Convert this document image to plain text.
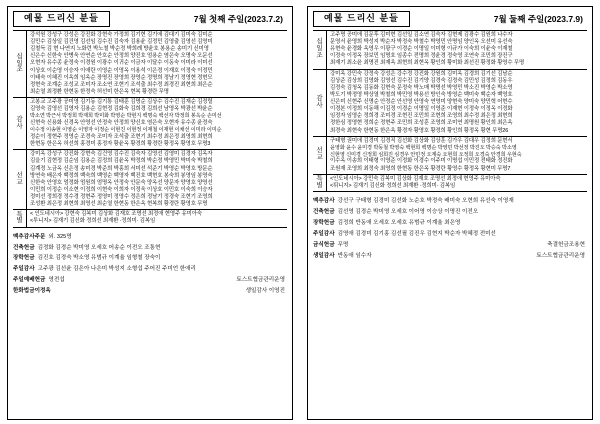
예물 드리신 분들	7월 첫째 주일(2023.7.2)
십
일
조
강석원 강성구 강성은 강진화 강현숙 가정희 김기현 김기애 김대기 김미숙 김미순
김민수 김상일 김건영 김선임 김수진 김숙자 김용윤 김정민 김영출 김영선 김영미
김철득 김 현 나연지 노화련 박노철 박순정 박희례 방윤호 봉용순 송미기 신미영
신은수 신한숙 안병욱 안연순 안호순 안정희 양진호 엄용순 염은숙 오명숙 오문선
오현자 유수종 윤정숙 이경원 이광수 이귀순 이금자 이달수 이동숙 이미라 이미선
이상호 이순영 이승자 이애란 이영순 이영옥 이용석 이은정 이재호 이정숙 이정민
이태숙 이혜진 이옥희 임옥순 장명진 장영희 장영순 정명희 정남기 정영현 정현모
정현숙 조계순 조성교 조미자 조소연 조현기 조석출 최수정 최경진 최현희 최은순
최순열 최정환 한현동 한정숙 허선미 한은옥 현복 황경란 무명
감
사
고봉교 고주광 공미영 김기동 김기통 김태훈 김명순 김상수 김수진 김재순 김정렬
김영숙 김영선 김영자 김용순 김현정 김화숙 김희경 김희선 남영옥 박광선 박윤순
박소연 박근서 박정희 박재희 박미화 박영순 박현지 백명숙 백선자 박정희 봉옥순 손미선
신현숙 신용화 신경옥 안영선 안정숙 안정희 양신호 염은숙 오현자 유수종 윤정숙
이수정 이송현 이영순 이영자 이정순 이현진 이현정 이재철 이재현 이채선 이미라 이미순
정순이 정현주 정영순 조경숙 조미자 조석출 조현기 최수정 최은정 최영희 최현희
한현동 한은옥 허선희 홍경미 홍정자 황윤옥 황경희 황경란 황정옥 황영호 무명3
선
교
강미옥 강성구 강진화 강현숙 김건영 김수진 김숙자 김영선 김영미 김경자 김옥자
김을기 김현정 김순임 김용순 김정희 김윤옥 박정희 박순정 박영민 박미숙 박철희
김계정 노금옥 신은정 송미경 박준희 박홍희 서미선 석준기 박영순 박영호 방문순
방연숙 배은자 백정희 백숙희 백영순 백영자 백진호 백현호 봉숙희 봉영임 봉영숙
신한숙 안영호 엄정화 엄원희 엄명옥 안정숙 안문숙 양옥선 양문자 양영호 양영선
이민희 이정순 이소현 이정희 이현숙 이희자 이정욱 이상호 이민호 이숙희 이승자
정미선 정희경 정수경 정현주 정영미 정영수 정은희 정남기 정경숙 조현기 조영희
조성환 최은정 최현희 최영선 최순열 한현동 한은옥 현복희 황경란 황영호 무명
특
별
< 인도네시아> 강현숙 김복미 김상화 김재호 조명선 최정애 현영주 유미아숙
<투니지> 김재기 김신화 정희선 최재환 ·정희미· 김복임
맥추감사주문 외. 325명
건축헌금 김정화 김경순 박미영 오세호 어송순 이전오 조통현
장학헌금 김진호 김경숙 박소영 유범규 이계율 임형철 장숙이
주일감사 고주광 김선윤 김은아 나은미 박성지 소형섭 주어진 주미언 한애리
주일예배헌금 영전섭	토스트협금관리운영
한화법금이정옥	생일감사 이영진
예물 드리신 분들	7월 둘째 주일(2023.7.9)
십
일
조
고주명 공미애 김문후 김미현 김선일 김소연 김숙자 김현제 김광수 김원희 나수자
문영서 윤영희 박성지 박순자 박정숙 박철수 박영민 안명임 양인옥 오선미 유선숙
유현숙 윤경화 옥영우 이광구 이경순 이명일 이미형 이규가 이숙희 이윤숙 이재철
이정숙 이정옥 장보민 임명호 임종수 전명희 정윤경 정숙영 조연숙 조민희 장진구
최재기 최소윤 최명진 최재옥 최현희 최현옥 황인희 황미화 최선진 황정화 황영수 무명
감
사
강미옥 강민숙 강정숙 강성은 강수정 강진화 강원희 김미옥 김경희 김기선 김남순
김상준 김상희 김영화 김영선 김수진 김기양 김경숙 김정숙 김민성 김정희 김동우
김정숙 김청옥 김동화 김현숙 문정숙 박노매 박명선 박영민 박소진 박영순 박소영
박도기 박정영 박상열 박철희 박민영 박용선 방인숙 방영순 백미숙 백순자 백영호
신은미 신현주 신명순 안정순 안선영 안영숙 연영미 양현숙 양미숙 양민혁 어현수
이경본 이정희 이동해 이김정 이경순 이명일 이영준 이재현 이정숙 이정옥 이정화
임정자 임영순 정희경 조미경 조현진 조민희 조현희 조영희 최수정 최은정 최현희
정한심 정영현 정희순 정현주 조민희 조성훈 조영희 조미연 최명원 황인희 최은옥
최경숙 최현숙 한현동 한은옥 황경자 황영호 황정희 황인희 황정옥 황현 무명26
선
교
구태형 권미애 김경미 김경직 김선화 김상화 김상훈 김가우 김대우 김정희 문현서
윤영화 윤수 윤미경 박동철 박영숙 백현희 백명순 박영민 박선정 박진오 박승숙 박소영
신현영 신미경 신정희 심희진 심경우 안민정 오계숙 오현희 오정희 오경숙 안경희 우현숙
이수옥 이송희 이태형 이영준 이정화 이경수 이주미 이명섭 이민정 전태화 정진화
조원재 조영희 최정숙 최영희 한현동 한은옥 황경란 황영수 황정옥 황현미 무명7
특
별
<인도네시아> 강민숙 김복미 김상화 김재호 조명선 최정애 현영주 유미아숙
<튀니지> 김재기 김신화 정희선 최재환 ·정희미· 김복임
맥추감사 강선구 구태형 김경미 김선화 노순호 박정숙 배미숙 오현희 유선숙 이영재
건축헌금 김선영 김경순 박미영 오세호 이어영 이승상 이명진 이전오
장학헌금 김정희 반동애 오세호 오세호 유범규 이계율 최은영
주일감사 김영애 김경미 김기홍 김선필 김진우 김현지 박순자 박혜정 전미선
금식헌금 무명	축결헌금조용현
생일감사 반동애 임수자	토스트협금관리운영
